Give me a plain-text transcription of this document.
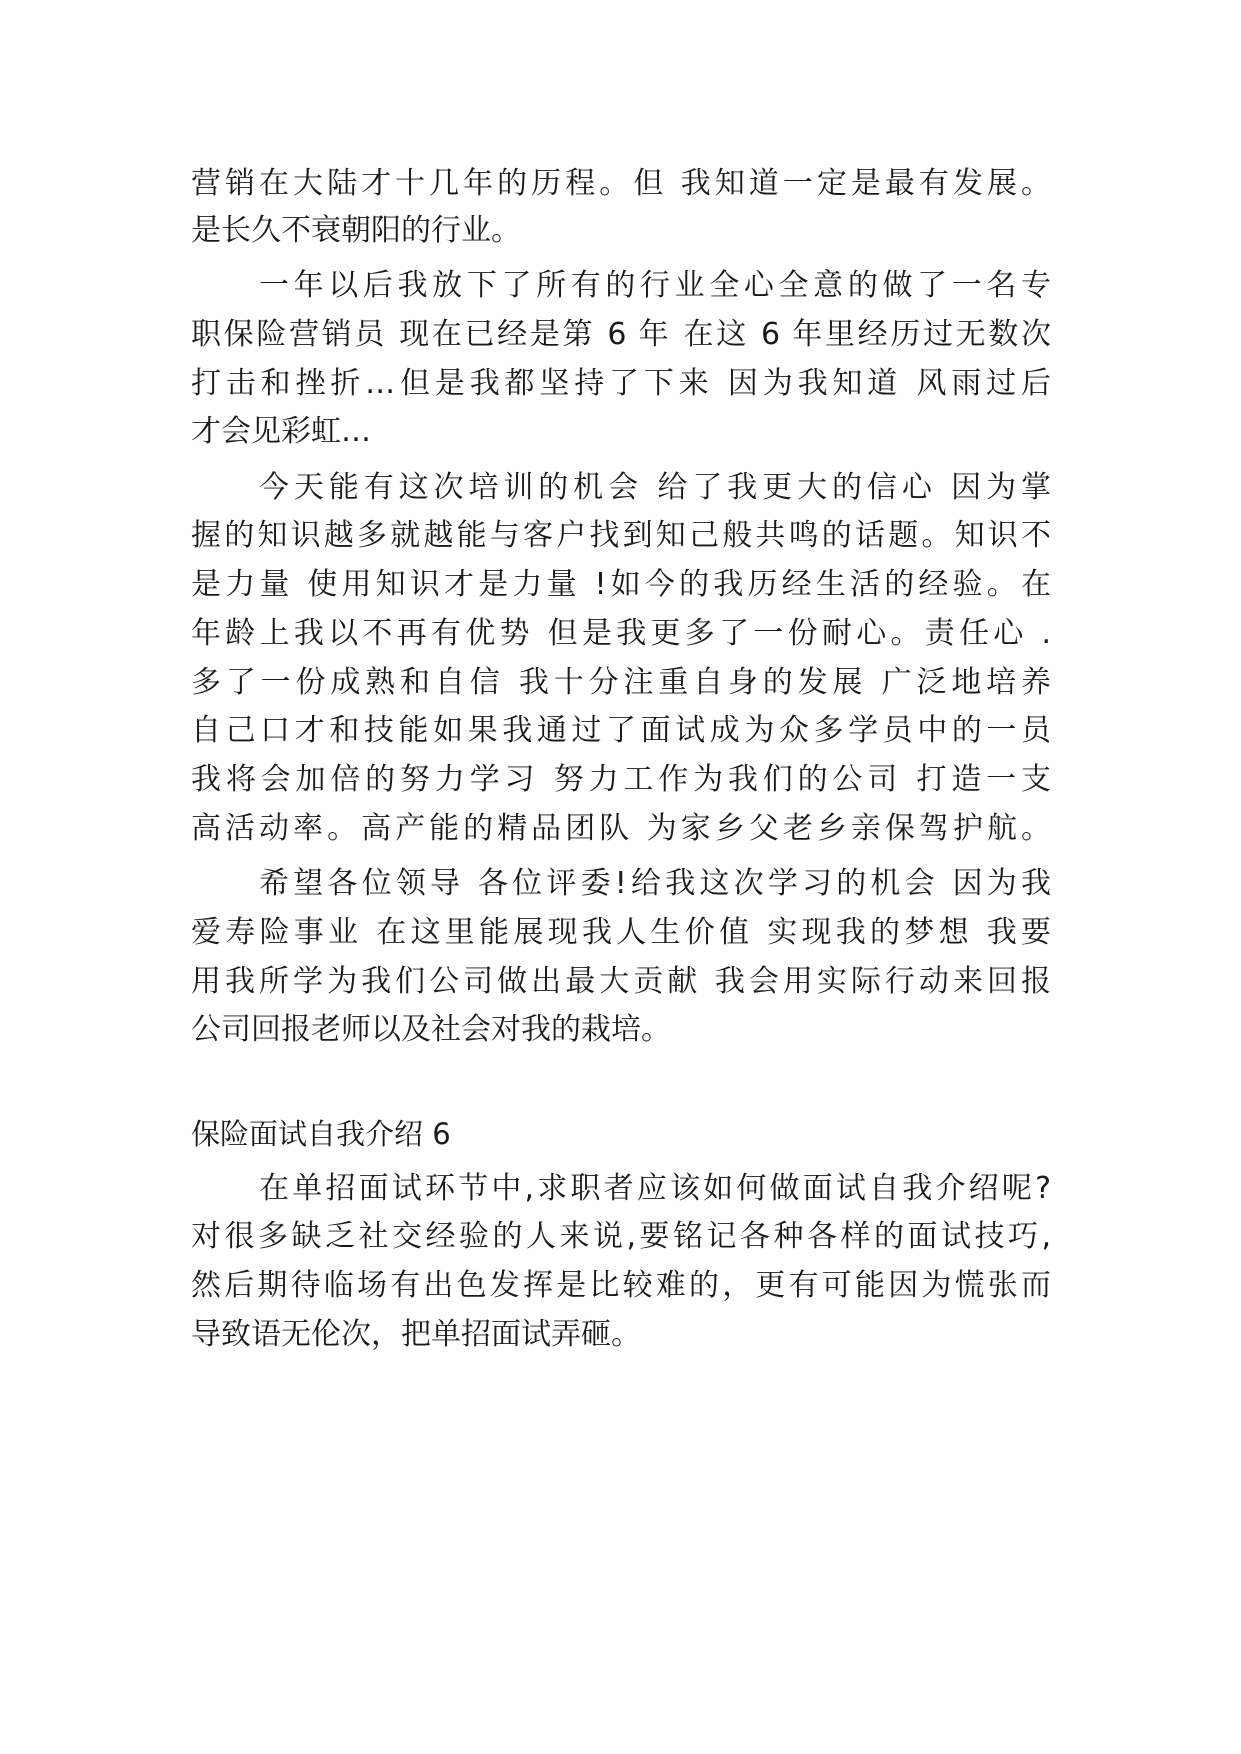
营销在大陆才十几年的历程。但 我知道一定是最有发展。
是长久不衰朝阳的行业。
一年以后我放下了所有的行业全心全意的做了一名专
职保险营销员 现在已经是第 6 年 在这 6 年里经历过无数次
打击和挫折…但是我都坚持了下来 因为我知道 风雨过后
才会见彩虹…
今天能有这次培训的机会 给了我更大的信心 因为掌
握的知识越多就越能与客户找到知己般共鸣的话题。知识不
是力量 使用知识才是力量 !如今的我历经生活的经验。在
年龄上我以不再有优势 但是我更多了一份耐心。责任心 .
多了一份成熟和自信 我十分注重自身的发展 广泛地培养
自己口才和技能如果我通过了面试成为众多学员中的一员
我将会加倍的努力学习 努力工作为我们的公司 打造一支
高活动率。高产能的精品团队 为家乡父老乡亲保驾护航。
希望各位领导 各位评委!给我这次学习的机会 因为我
爱寿险事业 在这里能展现我人生价值 实现我的梦想 我要
用我所学为我们公司做出最大贡献 我会用实际行动来回报
公司回报老师以及社会对我的栽培。
保险面试自我介绍 6
在单招面试环节中,求职者应该如何做面试自我介绍呢?
对很多缺乏社交经验的人来说,要铭记各种各样的面试技巧,
然后期待临场有出色发挥是比较难的，更有可能因为慌张而
导致语无伦次，把单招面试弄砸。
